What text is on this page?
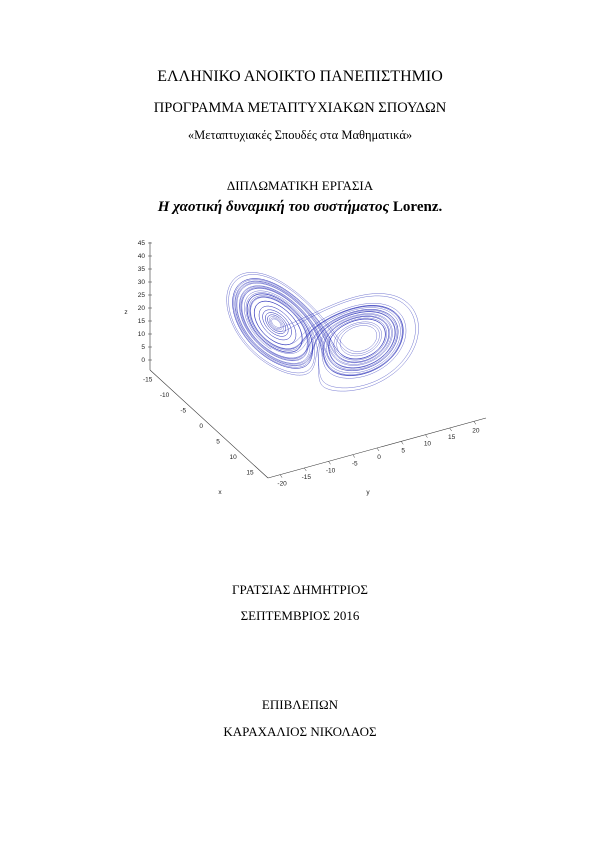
ΕΛΛΗΝΙΚΟ ΑΝΟΙΚΤΟ ΠΑΝΕΠΙΣΤΗΜΙΟ
ΠΡΟΓΡΑΜΜΑ ΜΕΤΑΠΤΥΧΙΑΚΩΝ ΣΠΟΥΔΩΝ
«Μεταπτυχιακές Σπουδές στα Μαθηματικά»
ΔΙΠΛΩΜΑΤΙΚΗ ΕΡΓΑΣΙΑ
Η χαοτική δυναμική του συστήματος Lorenz.
0
5
10
15
20
25
30
35
40
45
z
-15
-10
-5
0
5
10
15
x
-20
-15
-10
-5
0
5
10
15
20
y
ΓΡΑΤΣΙΑΣ ΔΗΜΗΤΡΙΟΣ
ΣΕΠΤΕΜΒΡΙΟΣ 2016
ΕΠΙΒΛΕΠΩΝ
ΚΑΡΑΧΑΛΙΟΣ ΝΙΚΟΛΑΟΣ
